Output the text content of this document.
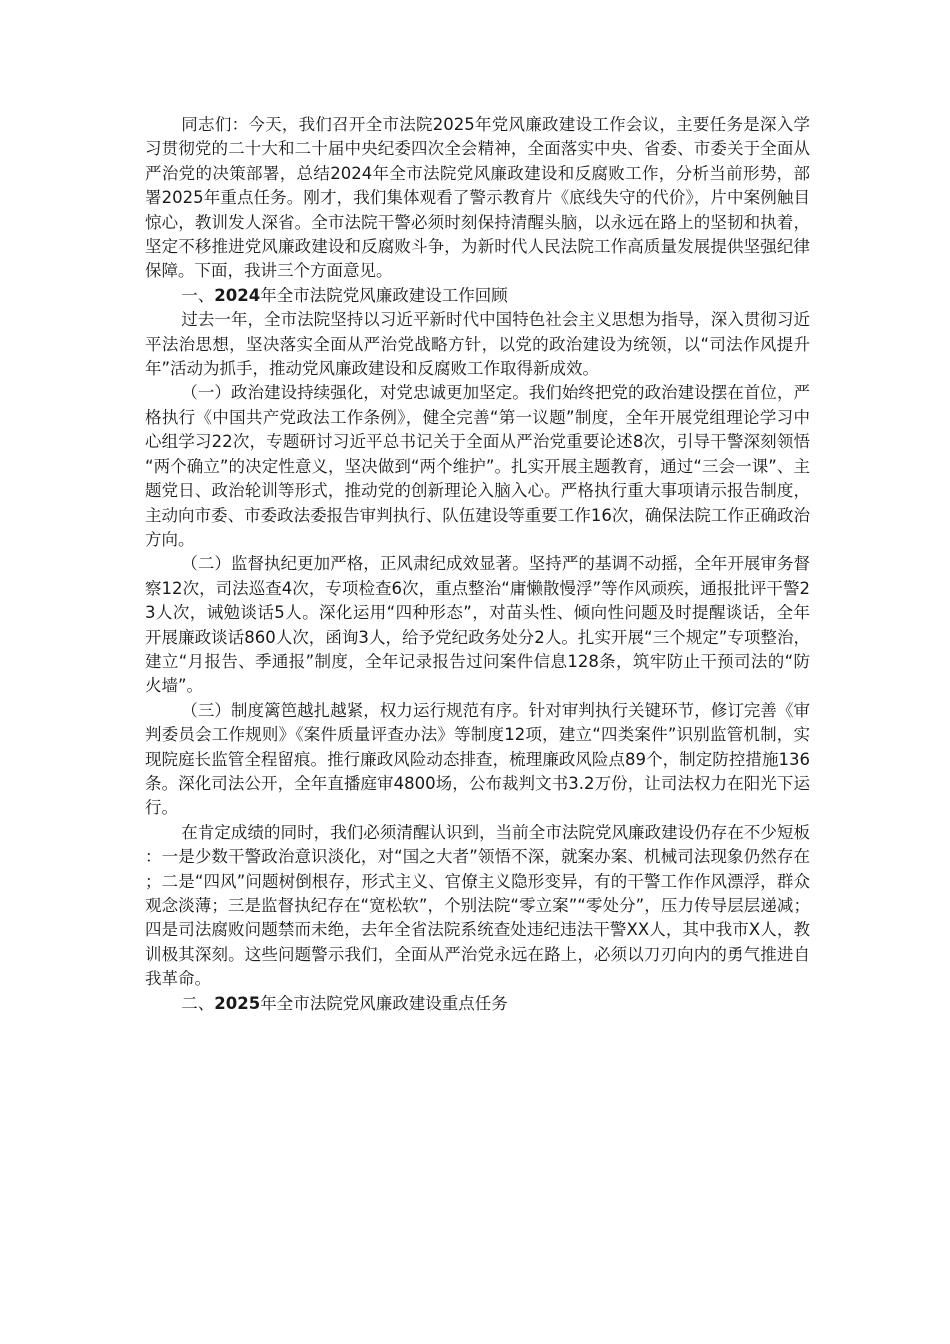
同志们：今天，我们召开全市法院2025年党风廉政建设工作会议，主要任务是深入学习贯彻党的二十大和二十届中央纪委四次全会精神，全面落实中央、省委、市委关于全面从严治党的决策部署，总结2024年全市法院党风廉政建设和反腐败工作，分析当前形势，部署2025年重点任务。刚才，我们集体观看了警示教育片《底线失守的代价》，片中案例触目惊心，教训发人深省。全市法院干警必须时刻保持清醒头脑，以永远在路上的坚韧和执着，坚定不移推进党风廉政建设和反腐败斗争，为新时代人民法院工作高质量发展提供坚强纪律保障。下面，我讲三个方面意见。

一、2024年全市法院党风廉政建设工作回顾

过去一年，全市法院坚持以习近平新时代中国特色社会主义思想为指导，深入贯彻习近平法治思想，坚决落实全面从严治党战略方针，以党的政治建设为统领，以“司法作风提升年”活动为抓手，推动党风廉政建设和反腐败工作取得新成效。

（一）政治建设持续强化，对党忠诚更加坚定。我们始终把党的政治建设摆在首位，严格执行《中国共产党政法工作条例》，健全完善“第一议题”制度，全年开展党组理论学习中心组学习22次，专题研讨习近平总书记关于全面从严治党重要论述8次，引导干警深刻领悟“两个确立”的决定性意义，坚决做到“两个维护”。扎实开展主题教育，通过“三会一课”、主题党日、政治轮训等形式，推动党的创新理论入脑入心。严格执行重大事项请示报告制度，主动向市委、市委政法委报告审判执行、队伍建设等重要工作16次，确保法院工作正确政治方向。

（二）监督执纪更加严格，正风肃纪成效显著。坚持严的基调不动摇，全年开展审务督察12次，司法巡查4次，专项检查6次，重点整治“庸懒散慢浮”等作风顽疾，通报批评干警23人次，诫勉谈话5人。深化运用“四种形态”，对苗头性、倾向性问题及时提醒谈话，全年开展廉政谈话860人次，函询3人，给予党纪政务处分2人。扎实开展“三个规定”专项整治，建立“月报告、季通报”制度，全年记录报告过问案件信息128条，筑牢防止干预司法的“防火墙”。

（三）制度篱笆越扎越紧，权力运行规范有序。针对审判执行关键环节，修订完善《审判委员会工作规则》《案件质量评查办法》等制度12项，建立“四类案件”识别监管机制，实现院庭长监管全程留痕。推行廉政风险动态排查，梳理廉政风险点89个，制定防控措施136条。深化司法公开，全年直播庭审4800场，公布裁判文书3.2万份，让司法权力在阳光下运行。

在肯定成绩的同时，我们必须清醒认识到，当前全市法院党风廉政建设仍存在不少短板：一是少数干警政治意识淡化，对“国之大者”领悟不深，就案办案、机械司法现象仍然存在；二是“四风”问题树倒根存，形式主义、官僚主义隐形变异，有的干警工作作风漂浮，群众观念淡薄；三是监督执纪存在“宽松软”，个别法院“零立案”“零处分”，压力传导层层递减；四是司法腐败问题禁而未绝，去年全省法院系统查处违纪违法干警XX人，其中我市X人，教训极其深刻。这些问题警示我们，全面从严治党永远在路上，必须以刀刃向内的勇气推进自我革命。

二、2025年全市法院党风廉政建设重点任务
